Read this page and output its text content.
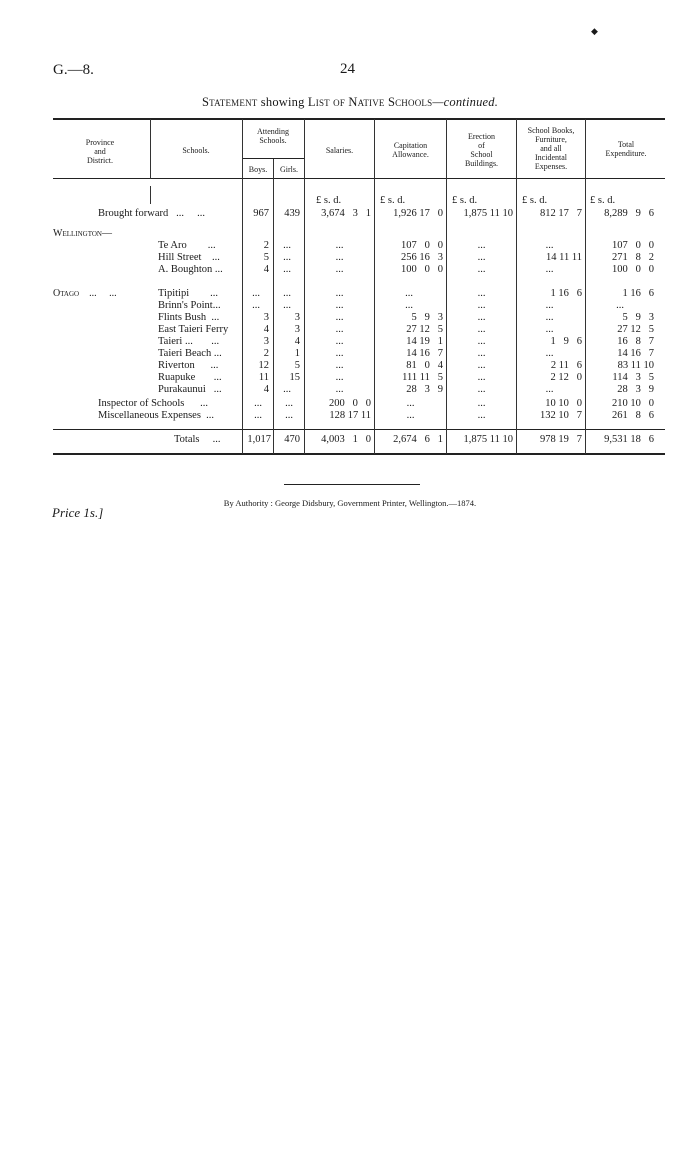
◆
G.—8.	24
Statement showing List of Native Schools—continued.
Province
and
District.
Schools.
Attending
Schools.
Boys.	Girls.
Salaries.
Capitation
Allowance.
Erection
of
School
Buildings.
School Books,
Furniture,
and all
Incidental
Expenses.
Total
Expenditure.
£ s. d.	£ s. d.	£ s. d.	£ s. d.	£ s. d.
Brought forward   ...     ...	967	439	3,674   3   1	1,926 17   0	1,875 11 10	812 17   7	8,289   9   6
Wellington—
Otago    ...     ...
Te Aro        ...	2	...	...	107   0   0	...	...	107   0   0
Hill Street    ...	5	...	...	256 16   3	...	14 11 11	271   8   2
A. Boughton ...	4	...	...	100   0   0	...	...	100   0   0
Tipitipi        ...	...	...	...	...	...	1 16   6	1 16   6
Brinn's Point...	...	...	...	...	...	...	...
Flints Bush  ...	3	3	...	5   9   3	...	...	5   9   3
East Taieri Ferry	4	3	...	27 12   5	...	...	27 12   5
Taieri ...       ...	3	4	...	14 19   1	...	1   9   6	16   8   7
Taieri Beach ...	2	1	...	14 16   7	...	...	14 16   7
Riverton      ...	12	5	...	81   0   4	...	2 11   6	83 11 10
Ruapuke       ...	11	15	...	111 11   5	...	2 12   0	114   3   5
Purakaunui   ...	4	...	...	28   3   9	...	...	28   3   9
Inspector of Schools      ...	...	...	200   0   0	...	...	10 10   0	210 10   0
Miscellaneous Expenses  ...	...	...	128 17 11	...	...	132 10   7	261   8   6
Totals     ...	1,017	470	4,003   1   0	2,674   6   1	1,875 11 10	978 19   7	9,531 18   6
By Authority : George Didsbury, Government Printer, Wellington.—1874.
Price 1s.]
